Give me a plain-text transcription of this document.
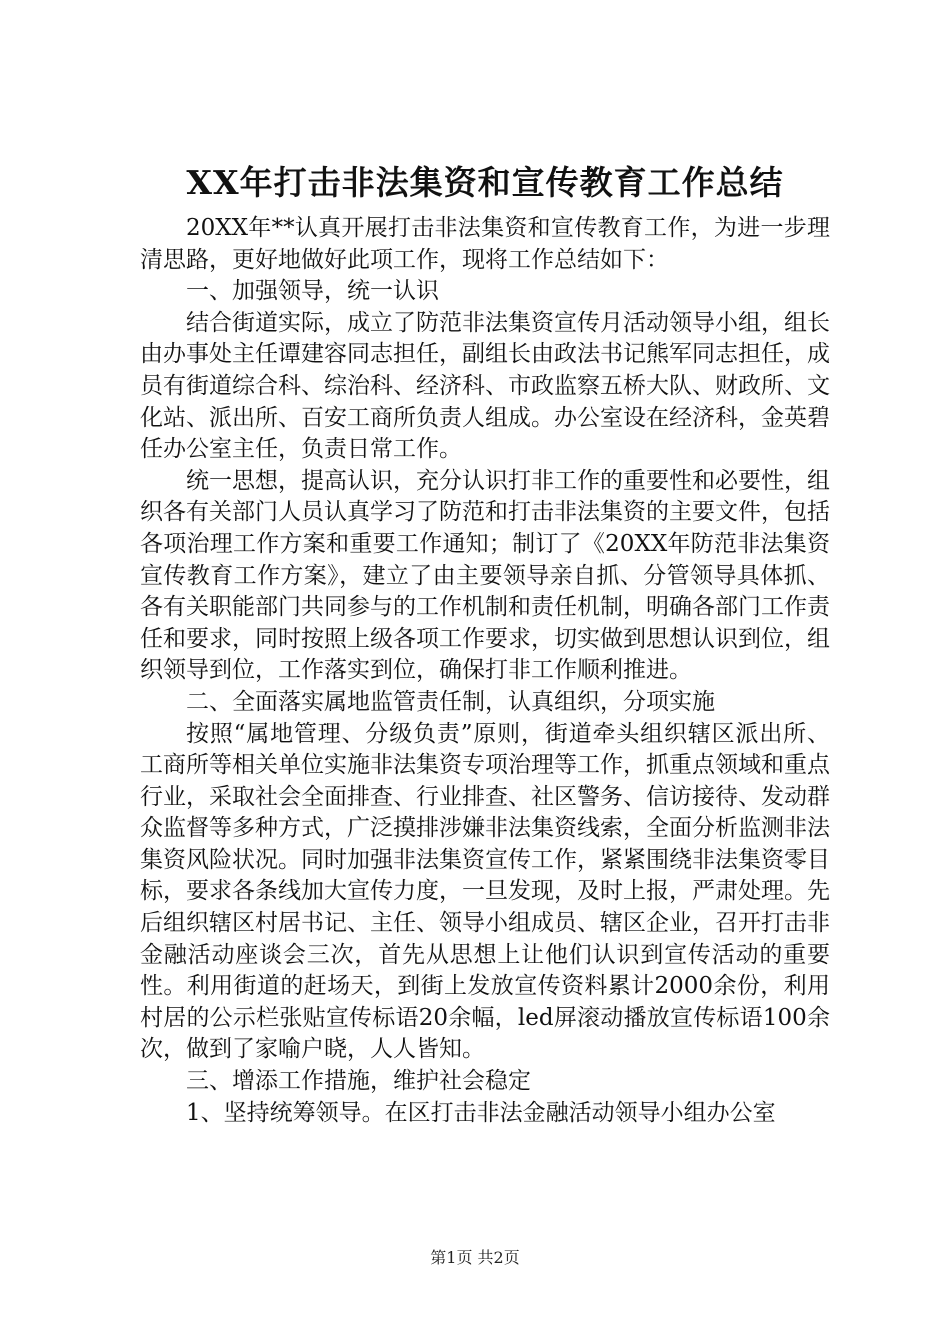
XX年打击非法集资和宣传教育工作总结

20XX年**认真开展打击非法集资和宣传教育工作，为进一步理清思路，更好地做好此项工作，现将工作总结如下：

一、加强领导，统一认识

结合街道实际，成立了防范非法集资宣传月活动领导小组，组长由办事处主任谭建容同志担任，副组长由政法书记熊军同志担任，成员有街道综合科、综治科、经济科、市政监察五桥大队、财政所、文化站、派出所、百安工商所负责人组成。办公室设在经济科，金英碧任办公室主任，负责日常工作。

统一思想，提高认识，充分认识打非工作的重要性和必要性，组织各有关部门人员认真学习了防范和打击非法集资的主要文件，包括各项治理工作方案和重要工作通知；制订了《20XX年防范非法集资宣传教育工作方案》，建立了由主要领导亲自抓、分管领导具体抓、各有关职能部门共同参与的工作机制和责任机制，明确各部门工作责任和要求，同时按照上级各项工作要求，切实做到思想认识到位，组织领导到位，工作落实到位，确保打非工作顺利推进。

二、全面落实属地监管责任制，认真组织，分项实施

按照“属地管理、分级负责”原则，街道牵头组织辖区派出所、工商所等相关单位实施非法集资专项治理等工作，抓重点领域和重点行业，采取社会全面排查、行业排查、社区警务、信访接待、发动群众监督等多种方式，广泛摸排涉嫌非法集资线索，全面分析监测非法集资风险状况。同时加强非法集资宣传工作，紧紧围绕非法集资零目标，要求各条线加大宣传力度，一旦发现，及时上报，严肃处理。先后组织辖区村居书记、主任、领导小组成员、辖区企业，召开打击非金融活动座谈会三次，首先从思想上让他们认识到宣传活动的重要性。利用街道的赶场天，到街上发放宣传资料累计2000余份，利用村居的公示栏张贴宣传标语20余幅，led屏滚动播放宣传标语100余次，做到了家喻户晓，人人皆知。

三、增添工作措施，维护社会稳定

1、坚持统筹领导。在区打击非法金融活动领导小组办公室

第1页 共2页
